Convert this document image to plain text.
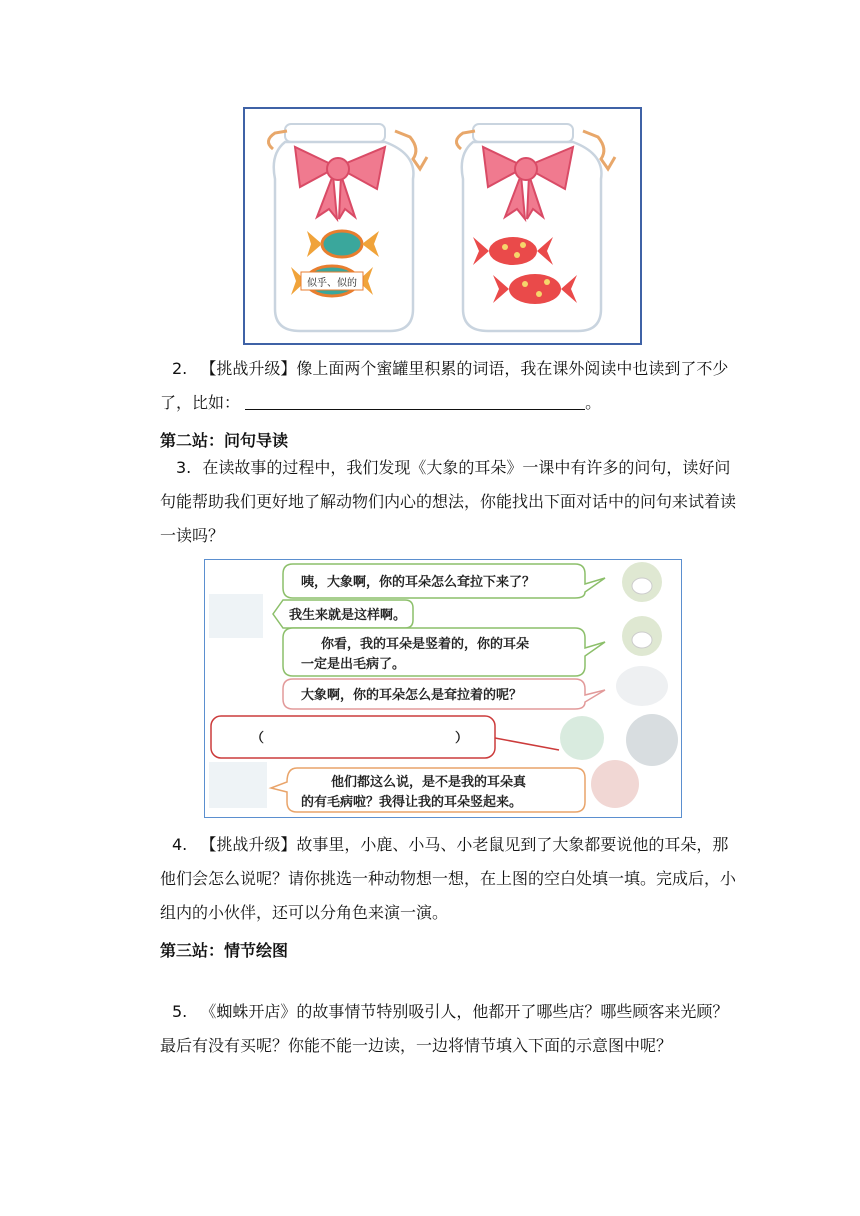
似乎、似的
2. 【挑战升级】像上面两个蜜罐里积累的词语，我在课外阅读中也读到了不少了，比如：	。
第二站：问句导读
3. 在读故事的过程中，我们发现《大象的耳朵》一课中有许多的问句，读好问句能帮助我们更好地了解动物们内心的想法，你能找出下面对话中的问句来试着读一读吗？
咦，大象啊，你的耳朵怎么耷拉下来了？
我生来就是这样啊。
你看，我的耳朵是竖着的，你的耳朵
一定是出毛病了。
大象啊，你的耳朵怎么是耷拉着的呢？
（	）
他们都这么说，是不是我的耳朵真
的有毛病啦？我得让我的耳朵竖起来。
4. 【挑战升级】故事里，小鹿、小马、小老鼠见到了大象都要说他的耳朵，那他们会怎么说呢？请你挑选一种动物想一想，在上图的空白处填一填。完成后，小组内的小伙伴，还可以分角色来演一演。
第三站：情节绘图
5. 《蜘蛛开店》的故事情节特别吸引人，他都开了哪些店？哪些顾客来光顾？最后有没有买呢？你能不能一边读，一边将情节填入下面的示意图中呢？
